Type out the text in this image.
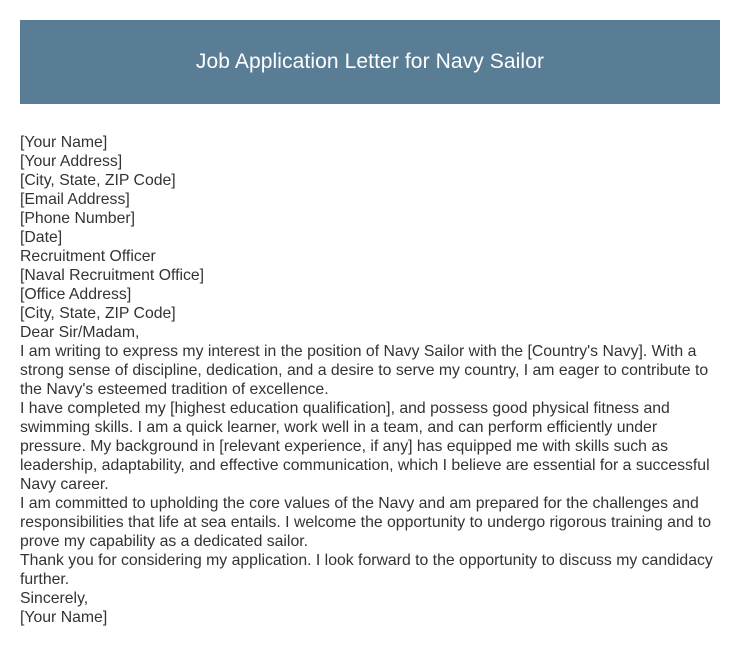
Job Application Letter for Navy Sailor

[Your Name]

[Your Address]

[City, State, ZIP Code]

[Email Address]

[Phone Number]

[Date]

Recruitment Officer

[Naval Recruitment Office]

[Office Address]

[City, State, ZIP Code]

Dear Sir/Madam,

I am writing to express my interest in the position of Navy Sailor with the [Country's Navy]. With a strong sense of discipline, dedication, and a desire to serve my country, I am eager to contribute to the Navy's esteemed tradition of excellence.

I have completed my [highest education qualification], and possess good physical fitness and swimming skills. I am a quick learner, work well in a team, and can perform efficiently under pressure. My background in [relevant experience, if any] has equipped me with skills such as leadership, adaptability, and effective communication, which I believe are essential for a successful Navy career.

I am committed to upholding the core values of the Navy and am prepared for the challenges and responsibilities that life at sea entails. I welcome the opportunity to undergo rigorous training and to prove my capability as a dedicated sailor.

Thank you for considering my application. I look forward to the opportunity to discuss my candidacy further.

Sincerely,

[Your Name]
